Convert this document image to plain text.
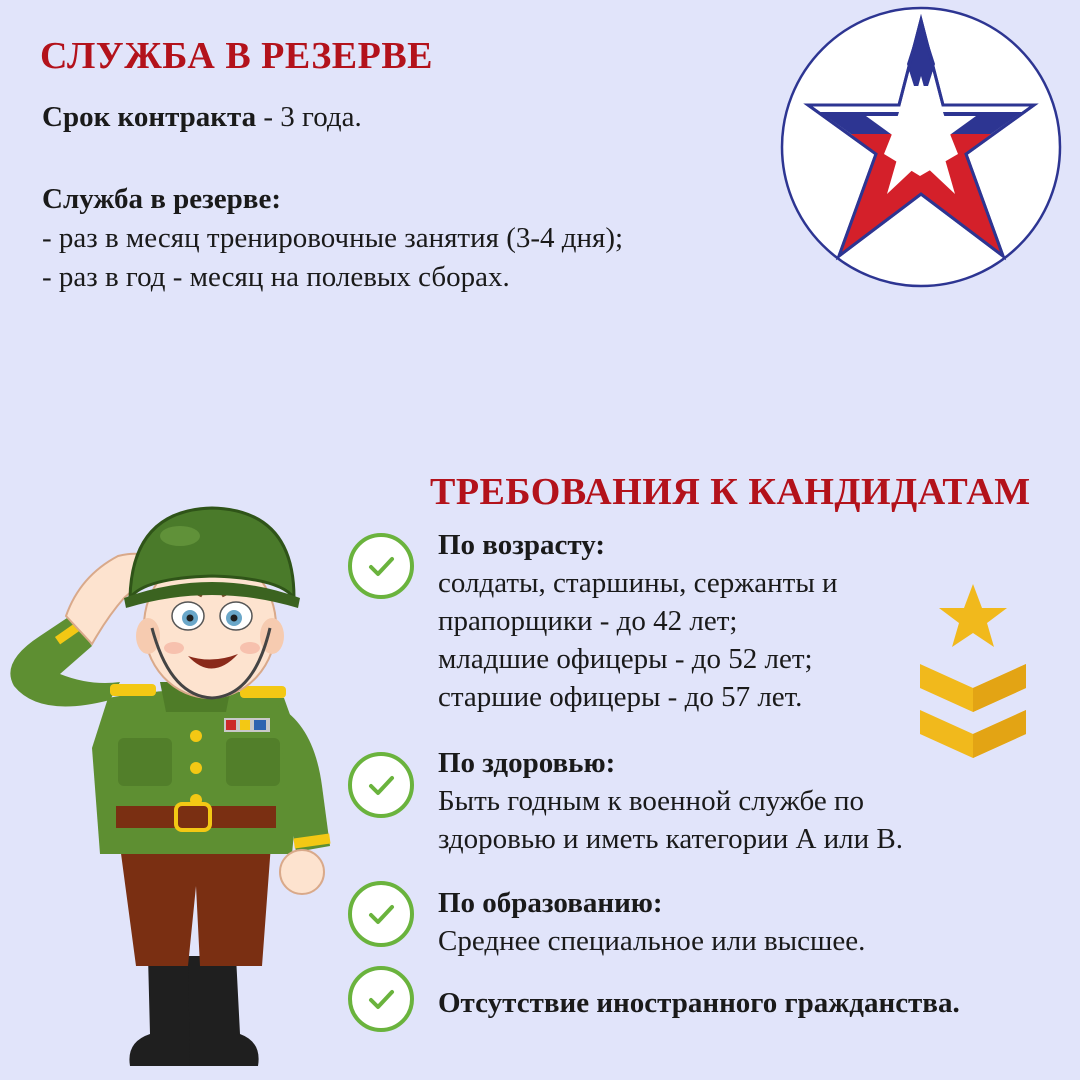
СЛУЖБА В РЕЗЕРВЕ
Срок контракта - 3 года.
Служба в резерве:
- раз в месяц тренировочные занятия (3-4 дня);
- раз в год - месяц на полевых сборах.
ТРЕБОВАНИЯ К КАНДИДАТАМ
По возрасту:
солдаты, старшины, сержанты и
прапорщики - до 42 лет;
младшие офицеры - до 52 лет;
старшие офицеры - до 57 лет.
По здоровью:
Быть годным к военной службе по
здоровью и иметь категории А или В.
По образованию:
Среднее специальное или высшее.
Отсутствие иностранного гражданства.
